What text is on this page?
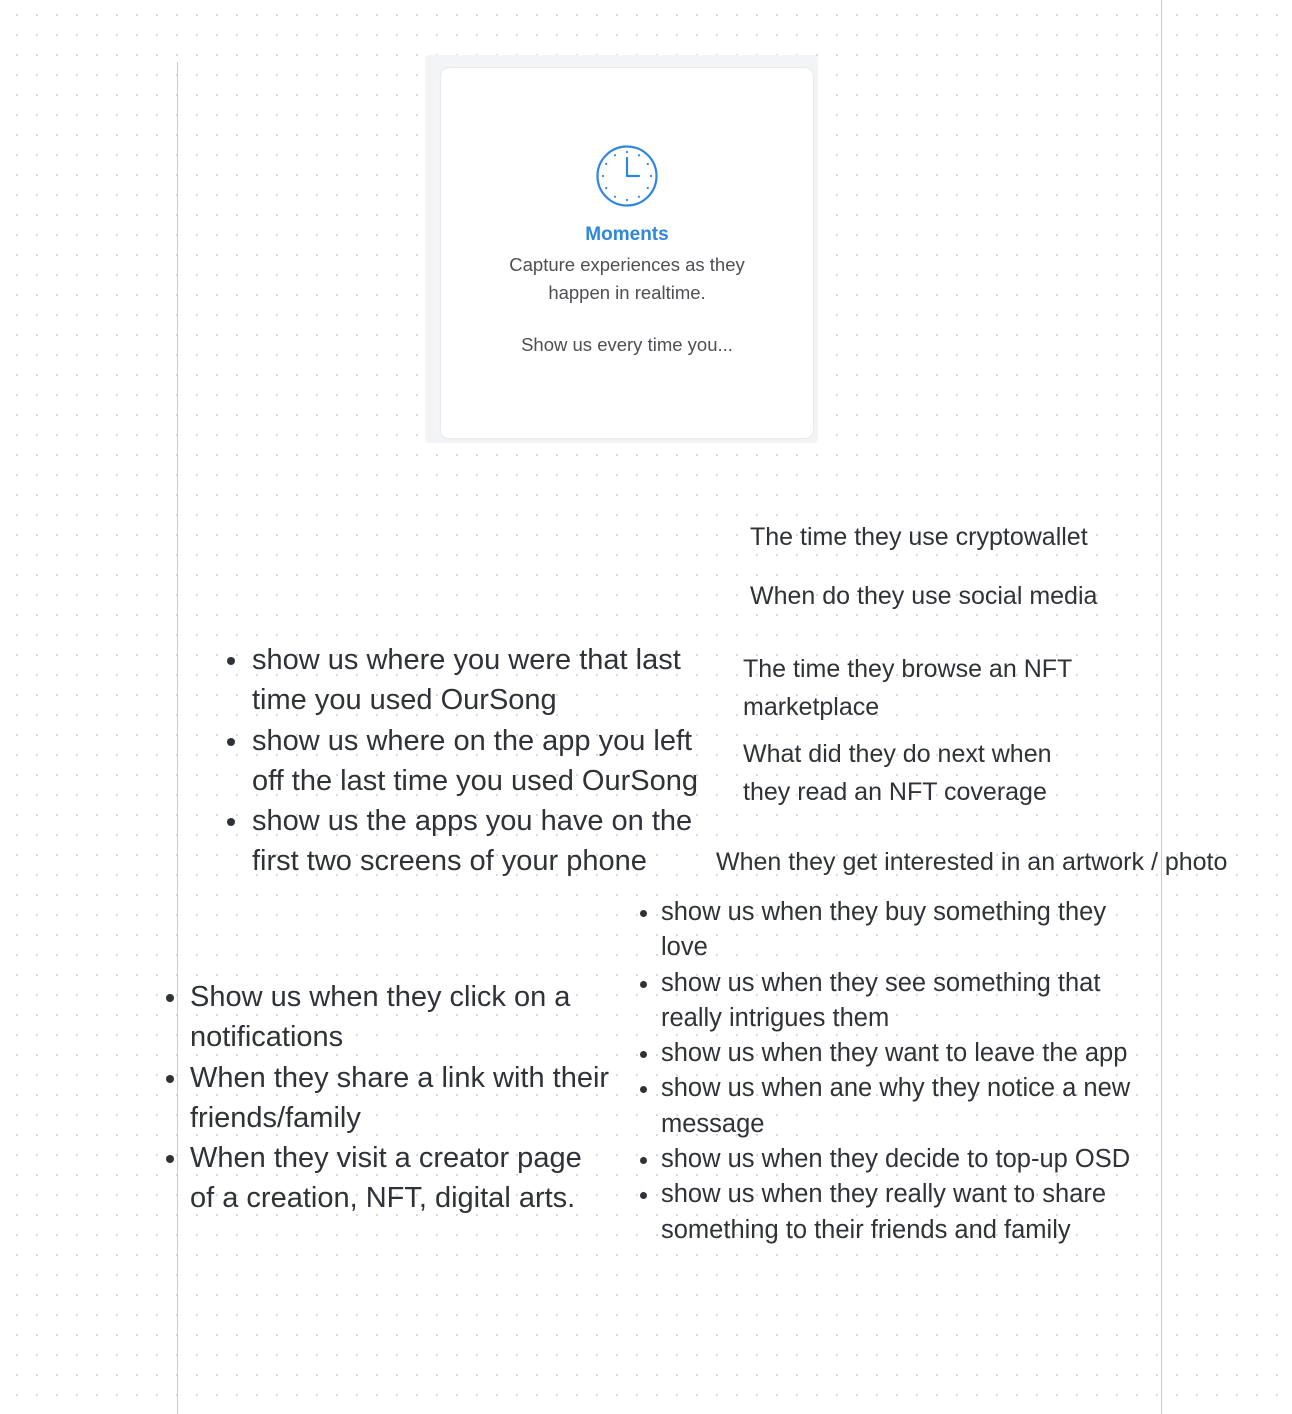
Moments
Capture experiences as they happen in realtime.
Show us every time you...
The time they use cryptowallet
When do they use social media
The time they browse an NFT marketplace
What did they do next when they read an NFT coverage
When they get interested in an artwork / photo
show us where you were that last time you used OurSong
show us where on the app you left off the last time you used OurSong
show us the apps you have on the first two screens of your phone
Show us when they click on a notifications
When they share a link with their friends/family
When they visit a creator page of a creation, NFT, digital arts.
show us when they buy something they love
show us when they see something that really intrigues them
show us when they want to leave the app
show us when ane why they notice a new message
show us when they decide to top-up OSD
show us when they really want to share something to their friends and family
